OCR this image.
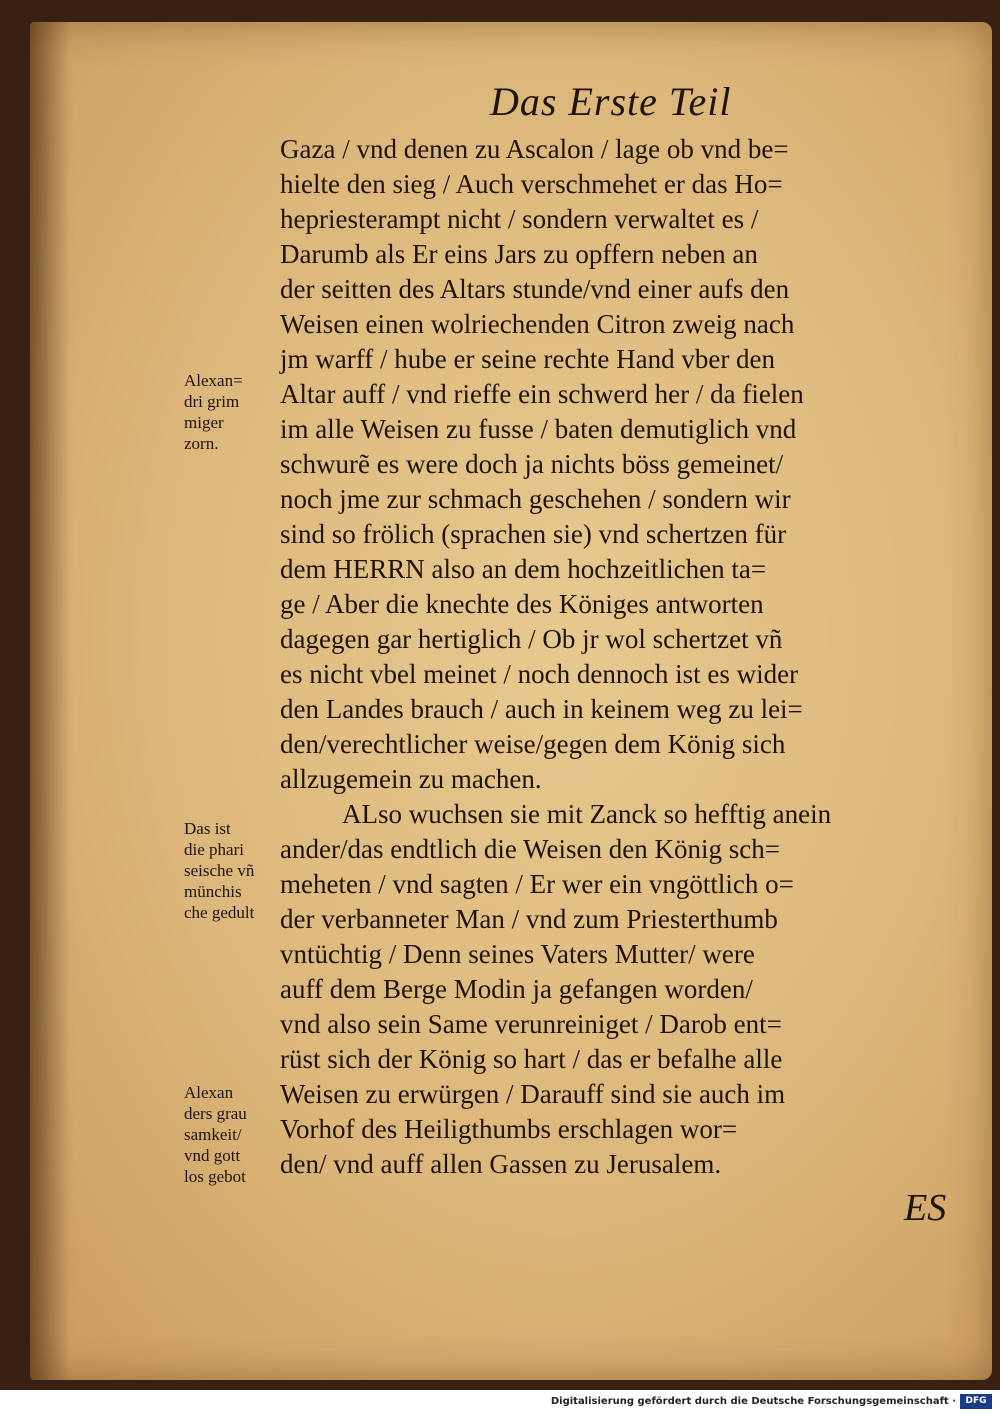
Das Erste Teil
Gaza / vnd denen zu Ascalon / lage ob vnd be=
hielte den sieg / Auch verschmehet er das Ho=
hepriesterampt nicht / sondern verwaltet es /
Darumb als Er eins Jars zu opffern neben an
der seitten des Altars stunde/vnd einer aufs den
Weisen einen wolriechenden Citron zweig nach
jm warff / hube er seine rechte Hand vber den
Altar auff / vnd rieffe ein schwerd her / da fielen
im alle Weisen zu fusse / baten demutiglich vnd
schwurẽ es were doch ja nichts böss gemeinet/
noch jme zur schmach geschehen / sondern wir
sind so frölich (sprachen sie) vnd schertzen für
dem HERRN also an dem hochzeitlichen ta=
ge / Aber die knechte des Königes antworten
dagegen gar hertiglich / Ob jr wol schertzet vñ
es nicht vbel meinet / noch dennoch ist es wider
den Landes brauch / auch in keinem weg zu lei=
den/verechtlicher weise/gegen dem König sich
allzugemein zu machen.
ALso wuchsen sie mit Zanck so hefftig anein
ander/das endtlich die Weisen den König sch=
meheten / vnd sagten / Er wer ein vngöttlich o=
der verbanneter Man / vnd zum Priesterthumb
vntüchtig / Denn seines Vaters Mutter/ were
auff dem Berge Modin ja gefangen worden/
vnd also sein Same verunreiniget / Darob ent=
rüst sich der König so hart / das er befalhe alle
Weisen zu erwürgen / Darauff sind sie auch im
Vorhof des Heiligthumbs erschlagen wor=
den/ vnd auff allen Gassen zu Jerusalem.
Alexan=
dri grim
miger
zorn.
Das ist
die phari
seische vñ
münchis
che gedult
Alexan
ders grau
samkeit/
vnd gott
los gebot
ES
Digitalisierung gefördert durch die Deutsche Forschungsgemeinschaft ·	DFG
